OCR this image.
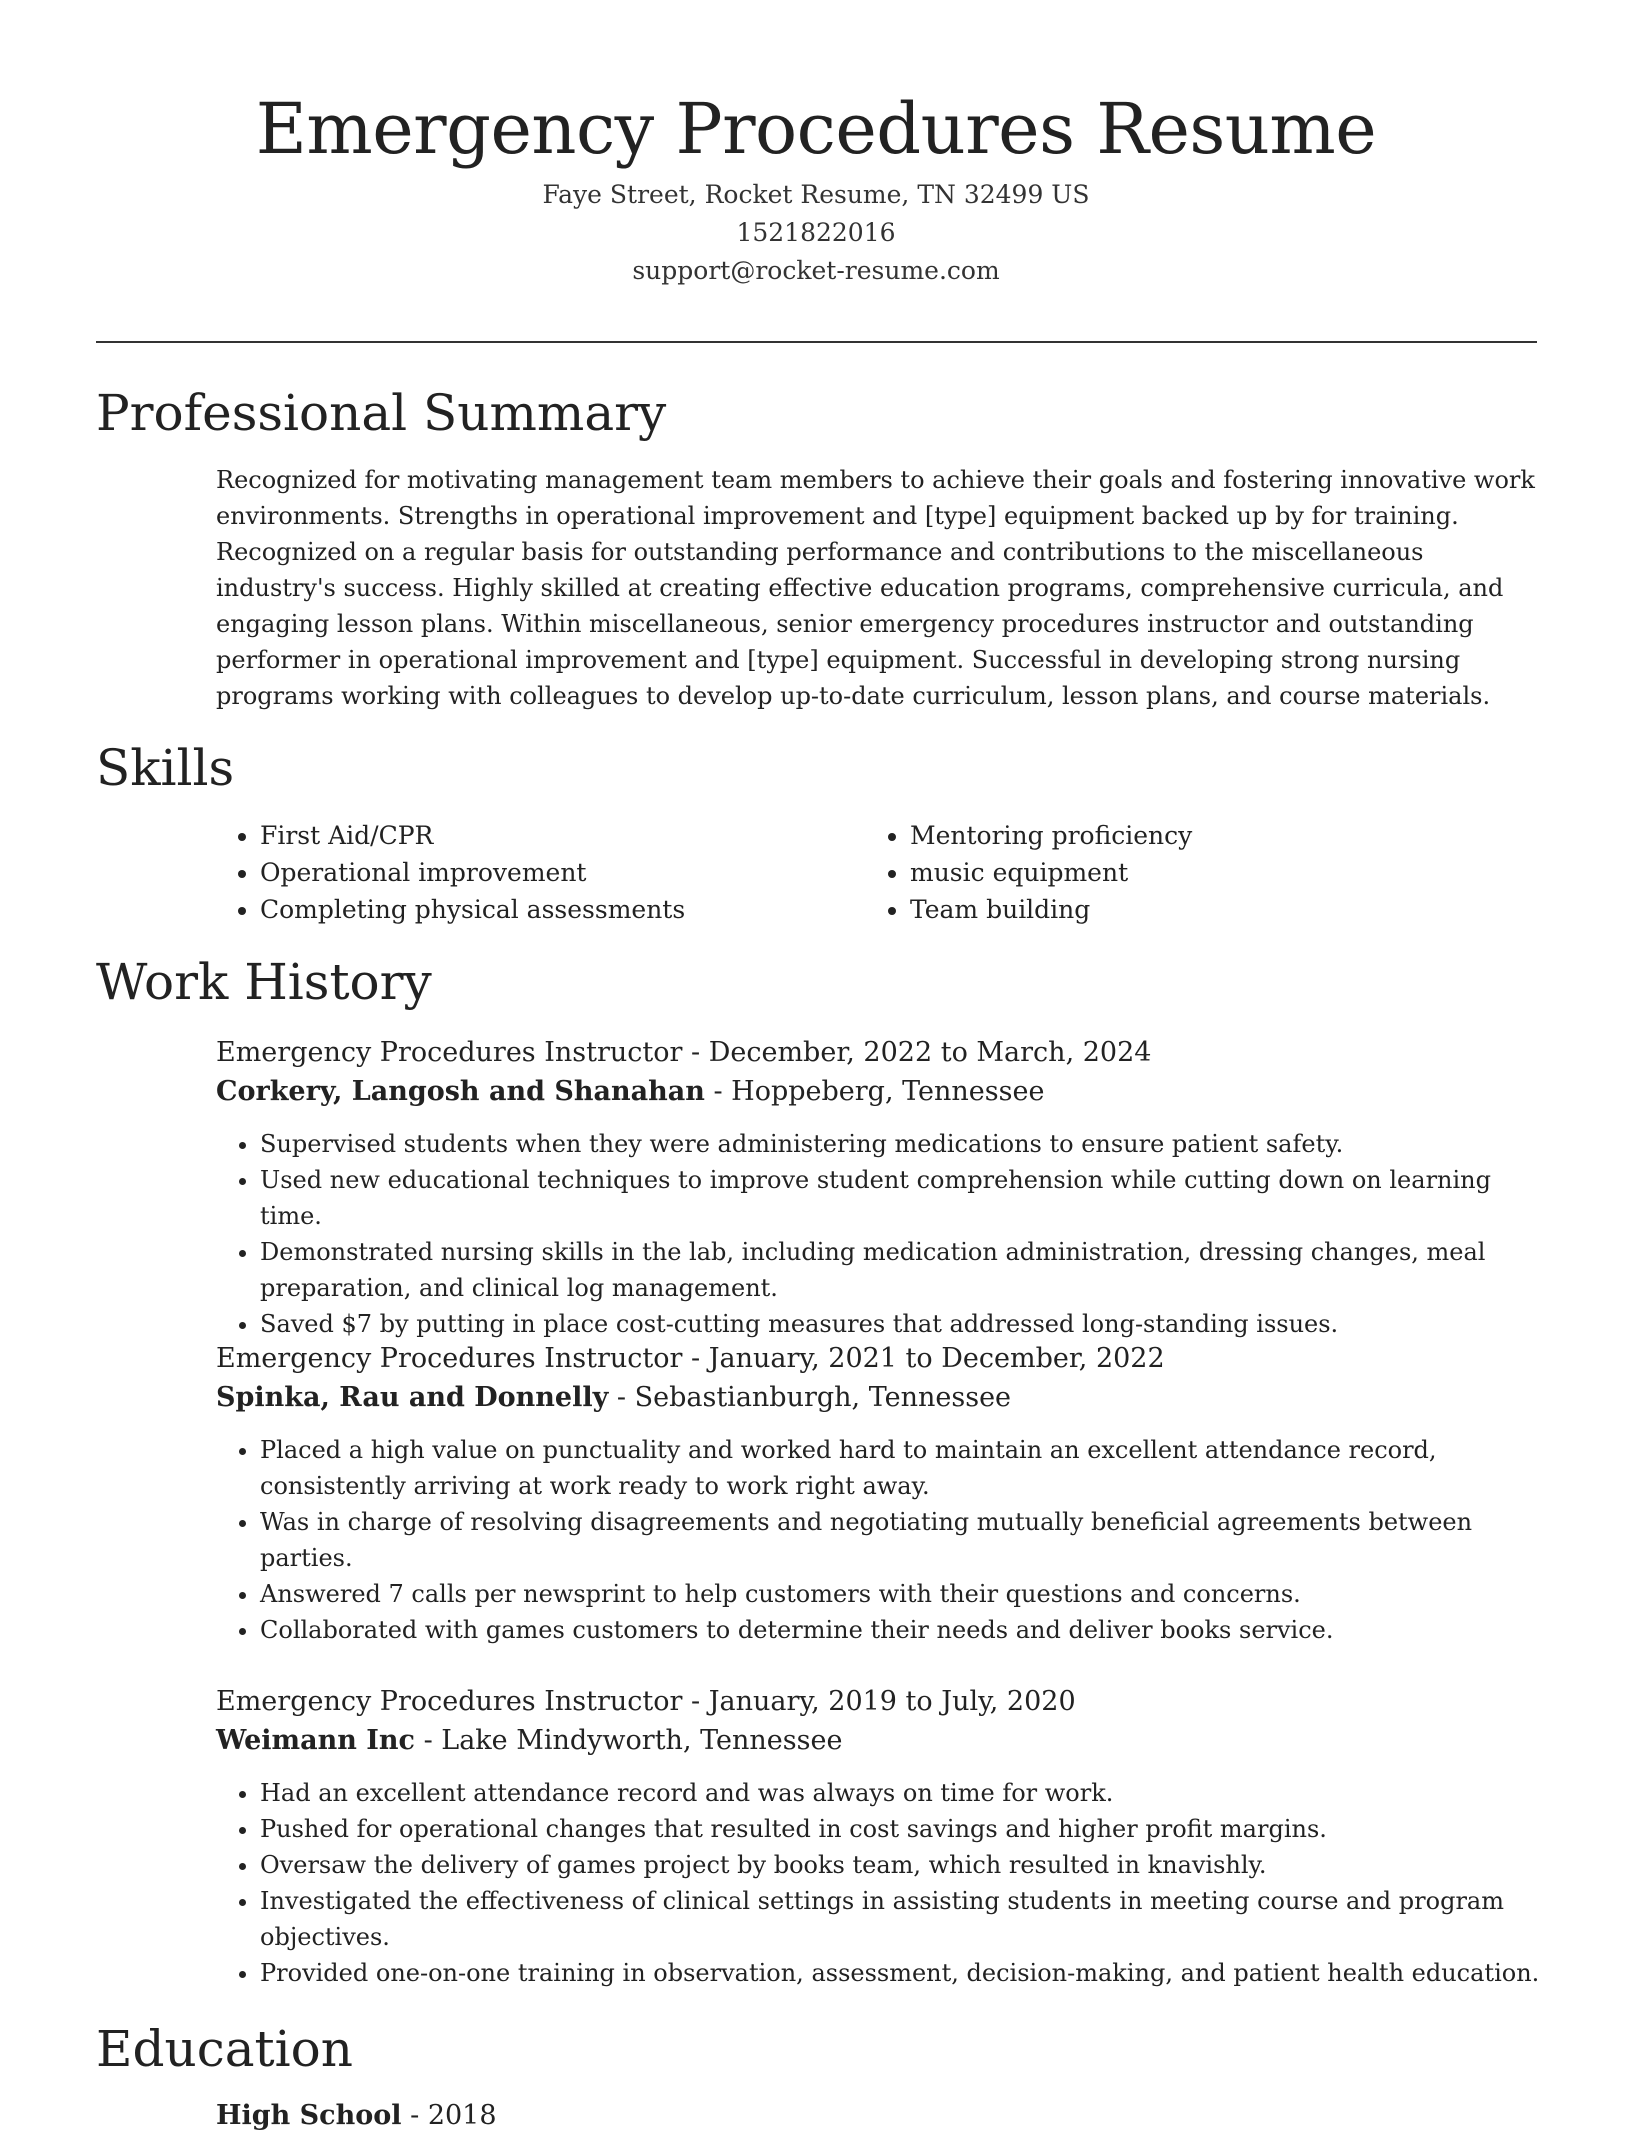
Emergency Procedures Resume
Faye Street, Rocket Resume, TN 32499 US
1521822016
support@rocket-resume.com
Professional Summary

Recognized for motivating management team members to achieve their goals and fostering innovative work environments. Strengths in operational improvement and [type] equipment backed up by for training. Recognized on a regular basis for outstanding performance and contributions to the miscellaneous industry's success. Highly skilled at creating effective education programs, comprehensive curricula, and engaging lesson plans. Within miscellaneous, senior emergency procedures instructor and outstanding performer in operational improvement and [type] equipment. Successful in developing strong nursing programs working with colleagues to develop up-to-date curriculum, lesson plans, and course materials.

Skills
• First Aid/CPR
• Operational improvement
• Completing physical assessments
• Mentoring proficiency
• music equipment
• Team building
Work History
Emergency Procedures Instructor - December, 2022 to March, 2024
Corkery, Langosh and Shanahan - Hoppeberg, Tennessee
• Supervised students when they were administering medications to ensure patient safety.
• Used new educational techniques to improve student comprehension while cutting down on learning time.
• Demonstrated nursing skills in the lab, including medication administration, dressing changes, meal preparation, and clinical log management.
• Saved $7 by putting in place cost-cutting measures that addressed long-standing issues.
Emergency Procedures Instructor - January, 2021 to December, 2022
Spinka, Rau and Donnelly - Sebastianburgh, Tennessee
• Placed a high value on punctuality and worked hard to maintain an excellent attendance record, consistently arriving at work ready to work right away.
• Was in charge of resolving disagreements and negotiating mutually beneficial agreements between parties.
• Answered 7 calls per newsprint to help customers with their questions and concerns.
• Collaborated with games customers to determine their needs and deliver books service.
Emergency Procedures Instructor - January, 2019 to July, 2020
Weimann Inc - Lake Mindyworth, Tennessee
• Had an excellent attendance record and was always on time for work.
• Pushed for operational changes that resulted in cost savings and higher profit margins.
• Oversaw the delivery of games project by books team, which resulted in knavishly.
• Investigated the effectiveness of clinical settings in assisting students in meeting course and program objectives.
• Provided one-on-one training in observation, assessment, decision-making, and patient health education.
Education
High School - 2018
